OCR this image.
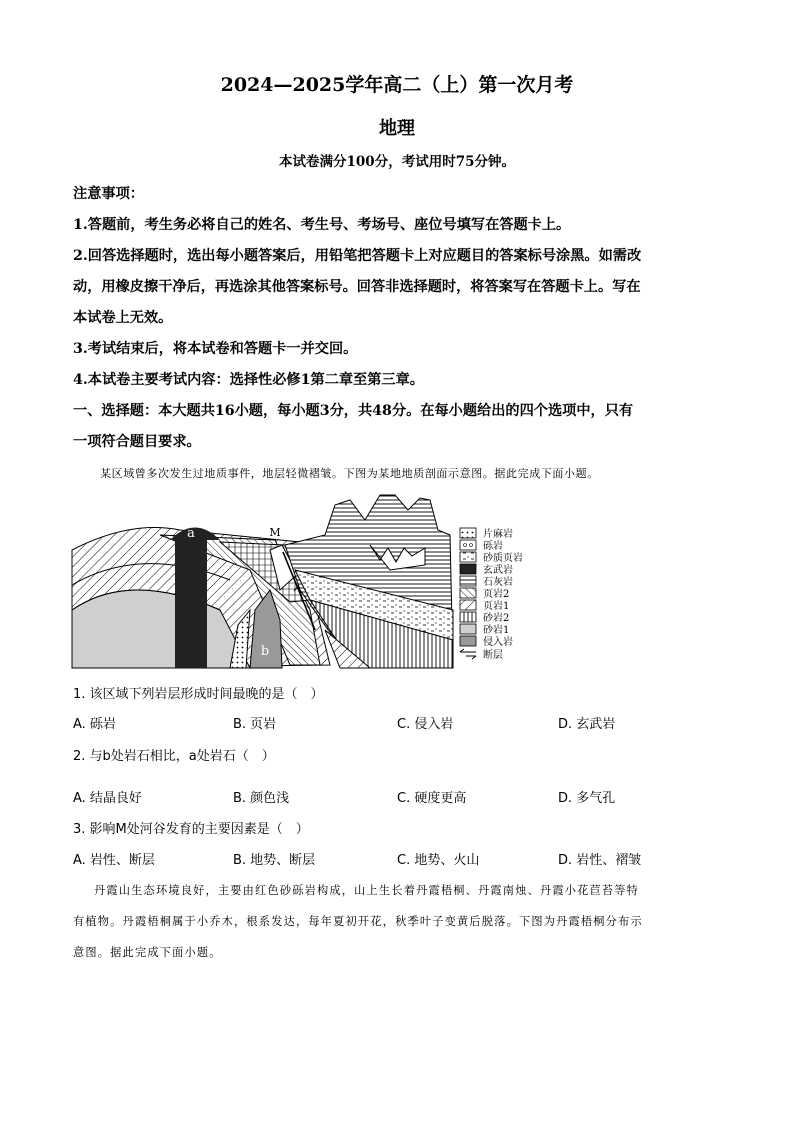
2024—2025学年高二（上）第一次月考
地理
本试卷满分100分，考试用时75分钟。
注意事项：
1.答题前，考生务必将自己的姓名、考生号、考场号、座位号填写在答题卡上。
2.回答选择题时，选出每小题答案后，用铅笔把答题卡上对应题目的答案标号涂黑。如需改
动，用橡皮擦干净后，再选涂其他答案标号。回答非选择题时，将答案写在答题卡上。写在
本试卷上无效。
3.考试结束后，将本试卷和答题卡一并交回。
4.本试卷主要考试内容：选择性必修1第二章至第三章。
一、选择题：本大题共16小题，每小题3分，共48分。在每小题给出的四个选项中，只有
一项符合题目要求。
某区域曾多次发生过地质事件，地层轻微褶皱。下图为某地地质剖面示意图。据此完成下面小题。
a
b
M	片麻岩
砾岩
砂质页岩
玄武岩
石灰岩
页岩2
页岩1
砂岩2
砂岩1
侵入岩
断层
1. 该区域下列岩层形成时间最晚的是（　）
A. 砾岩	B. 页岩	C. 侵入岩	D. 玄武岩
2. 与b处岩石相比，a处岩石（　）
A. 结晶良好	B. 颜色浅	C. 硬度更高	D. 多气孔
3. 影响M处河谷发育的主要因素是（　）
A. 岩性、断层	B. 地势、断层	C. 地势、火山	D. 岩性、褶皱
丹霞山生态环境良好，主要由红色砂砾岩构成，山上生长着丹霞梧桐、丹霞南烛、丹霞小花苣苔等特
有植物。丹霞梧桐属于小乔木，根系发达，每年夏初开花，秋季叶子变黄后脱落。下图为丹霞梧桐分布示
意图。据此完成下面小题。
